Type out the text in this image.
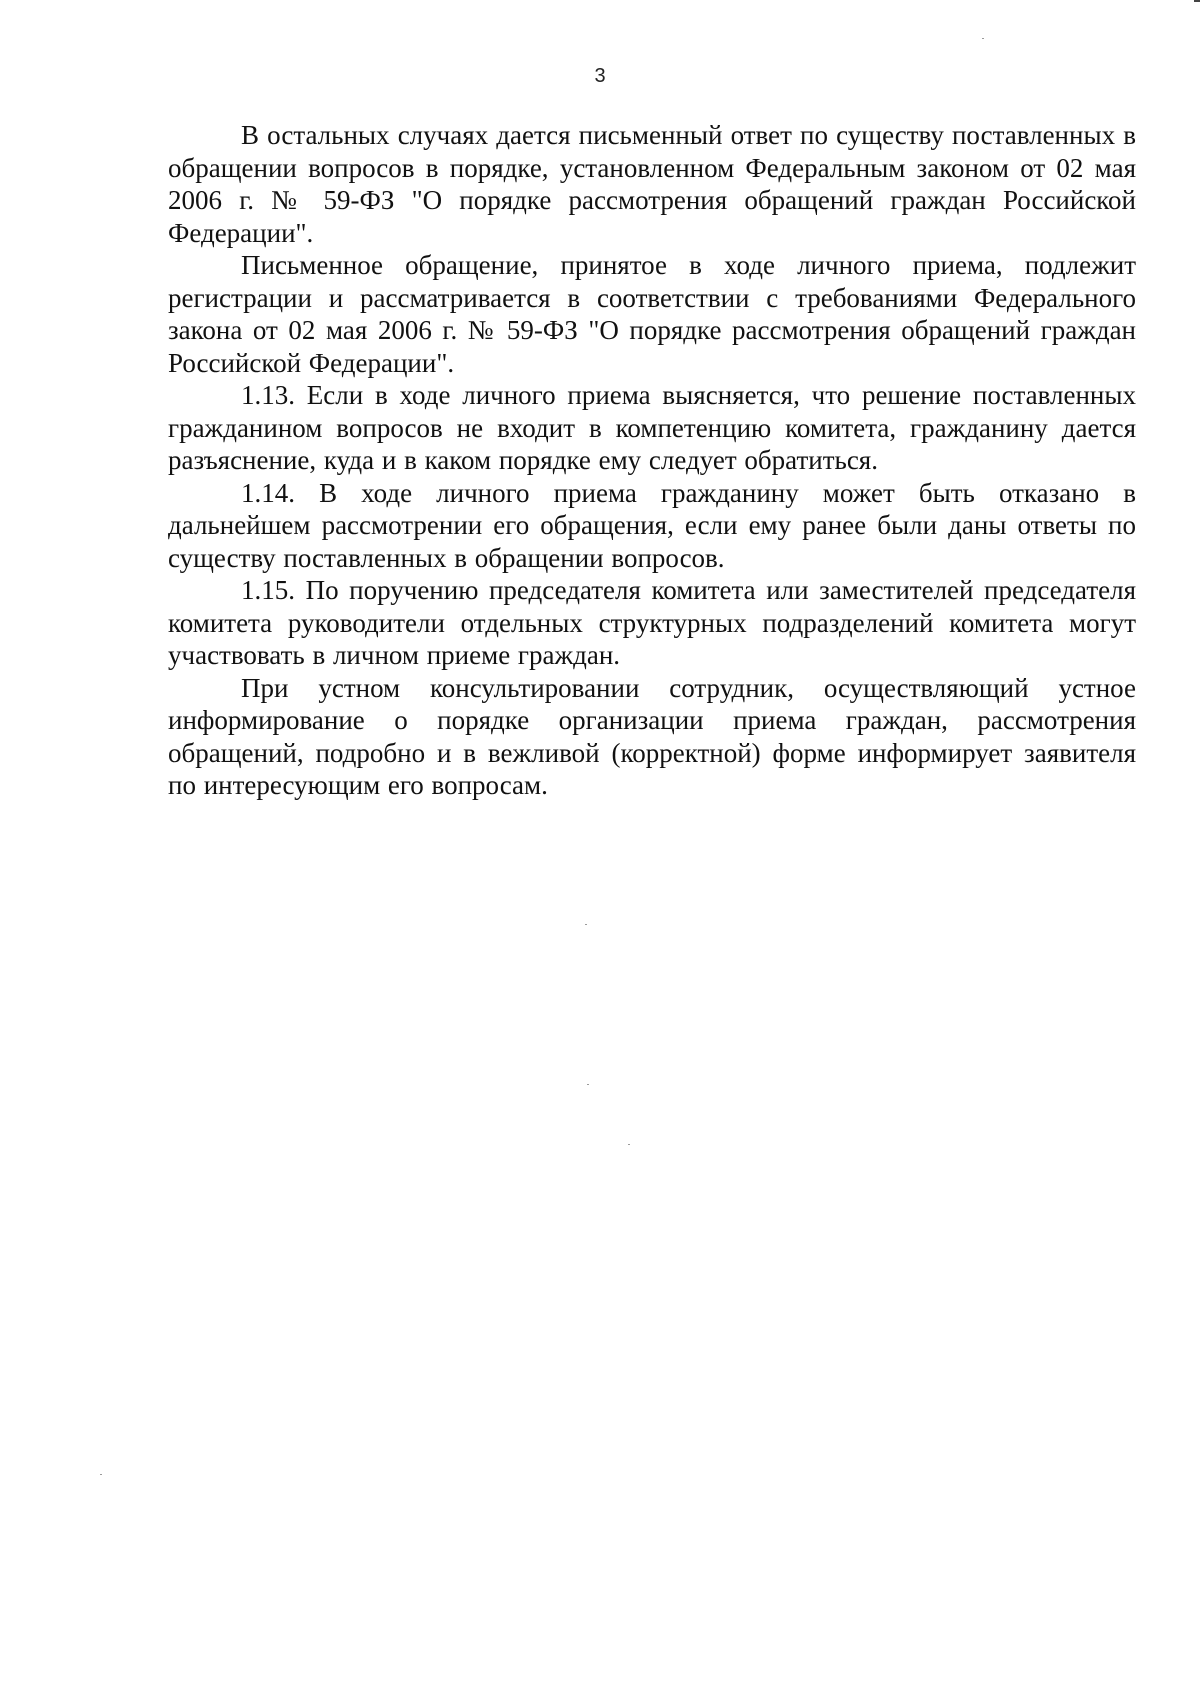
3

В остальных случаях дается письменный ответ по существу поставленных в обращении вопросов в порядке, установленном Федеральным законом от 02 мая 2006 г. № 59-ФЗ "О порядке рассмотрения обращений граждан Российской Федерации".

Письменное обращение, принятое в ходе личного приема, подлежит регистрации и рассматривается в соответствии с требованиями Федерального закона от 02 мая 2006 г. № 59-ФЗ "О порядке рассмотрения обращений граждан Российской Федерации".

1.13. Если в ходе личного приема выясняется, что решение поставленных гражданином вопросов не входит в компетенцию комитета, гражданину дается разъяснение, куда и в каком порядке ему следует обратиться.

1.14. В ходе личного приема гражданину может быть отказано в дальнейшем рассмотрении его обращения, если ему ранее были даны ответы по существу поставленных в обращении вопросов.

1.15. По поручению председателя комитета или заместителей председателя комитета руководители отдельных структурных подразделений комитета могут участвовать в личном приеме граждан.

При устном консультировании сотрудник, осуществляющий устное информирование о порядке организации приема граждан, рассмотрения обращений, подробно и в вежливой (корректной) форме информирует заявителя по интересующим его вопросам.
